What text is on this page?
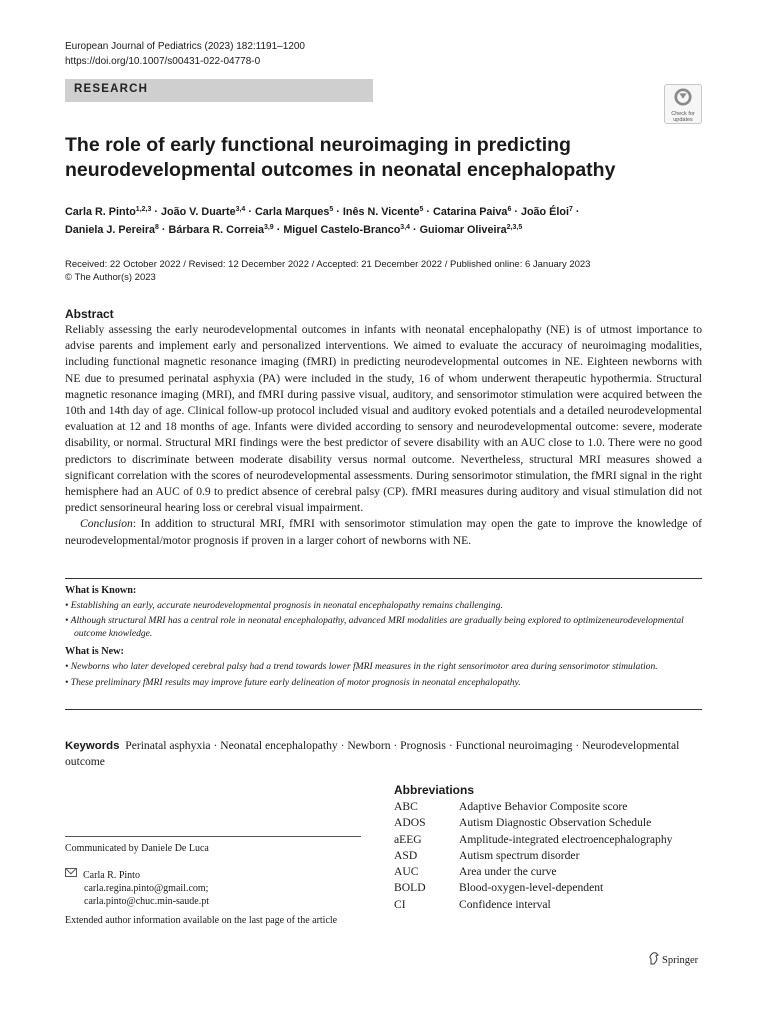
European Journal of Pediatrics (2023) 182:1191–1200
https://doi.org/10.1007/s00431-022-04778-0
RESEARCH
Check for
updates
The role of early functional neuroimaging in predicting
neurodevelopmental outcomes in neonatal encephalopathy
Carla R. Pinto$^{1,2,3}$ · João V. Duarte$^{3,4}$ · Carla Marques$^5$ · Inês N. Vicente$^5$ · Catarina Paiva$^6$ · João Éloi$^7$ ·
Daniela J. Pereira$^8$ · Bárbara R. Correia$^{3,9}$ · Miguel Castelo-Branco$^{3,4}$ · Guiomar Oliveira$^{2,3,5}$
Received: 22 October 2022 / Revised: 12 December 2022 / Accepted: 21 December 2022 / Published online: 6 January 2023
© The Author(s) 2023
Abstract

Reliably assessing the early neurodevelopmental outcomes in infants with neonatal encephalopathy (NE) is of utmost importance to advise parents and implement early and personalized interventions. We aimed to evaluate the accuracy of neuroimaging modalities, including functional magnetic resonance imaging (fMRI) in predicting neurodevelopmental outcomes in NE. Eighteen newborns with NE due to presumed perinatal asphyxia (PA) were included in the study, 16 of whom underwent therapeutic hypothermia. Structural magnetic resonance imaging (MRI), and fMRI during passive visual, auditory, and sensorimotor stimulation were acquired between the 10th and 14th day of age. Clinical follow-up protocol included visual and auditory evoked potentials and a detailed neurodevelopmental evaluation at 12 and 18 months of age. Infants were divided according to sensory and neurodevelopmental outcome: severe, moderate disability, or normal. Structural MRI findings were the best predictor of severe disability with an AUC close to 1.0. There were no good predictors to discriminate between moderate disability versus normal outcome. Nevertheless, structural MRI measures showed a significant correlation with the scores of neurodevelopmental assessments. During sensorimotor stimulation, the fMRI signal in the right hemisphere had an AUC of 0.9 to predict absence of cerebral palsy (CP). fMRI measures during auditory and visual stimulation did not predict sensorineural hearing loss or cerebral visual impairment.

Conclusion: In addition to structural MRI, fMRI with sensorimotor stimulation may open the gate to improve the knowledge of neurodevelopmental/motor prognosis if proven in a larger cohort of newborns with NE.

What is Known:

• Establishing an early, accurate neurodevelopmental prognosis in neonatal encephalopathy remains challenging.

• Although structural MRI has a central role in neonatal encephalopathy, advanced MRI modalities are gradually being explored to optimizeneurodevelopmental outcome knowledge.

What is New:

• Newborns who later developed cerebral palsy had a trend towards lower fMRI measures in the right sensorimotor area during sensorimotor stimulation.

• These preliminary fMRI results may improve future early delineation of motor prognosis in neonatal encephalopathy.

Keywords Perinatal asphyxia · Neonatal encephalopathy · Newborn · Prognosis · Functional neuroimaging · Neurodevelopmental outcome
Abbreviations
ABC	Adaptive Behavior Composite score
ADOS	Autism Diagnostic Observation Schedule
aEEG	Amplitude-integrated electroencephalography
ASD	Autism spectrum disorder
AUC	Area under the curve
BOLD	Blood-oxygen-level-dependent
CI	Confidence interval
Communicated by Daniele De Luca
Carla R. Pinto
carla.regina.pinto@gmail.com;
carla.pinto@chuc.min-saude.pt
Extended author information available on the last page of the article
Springer
